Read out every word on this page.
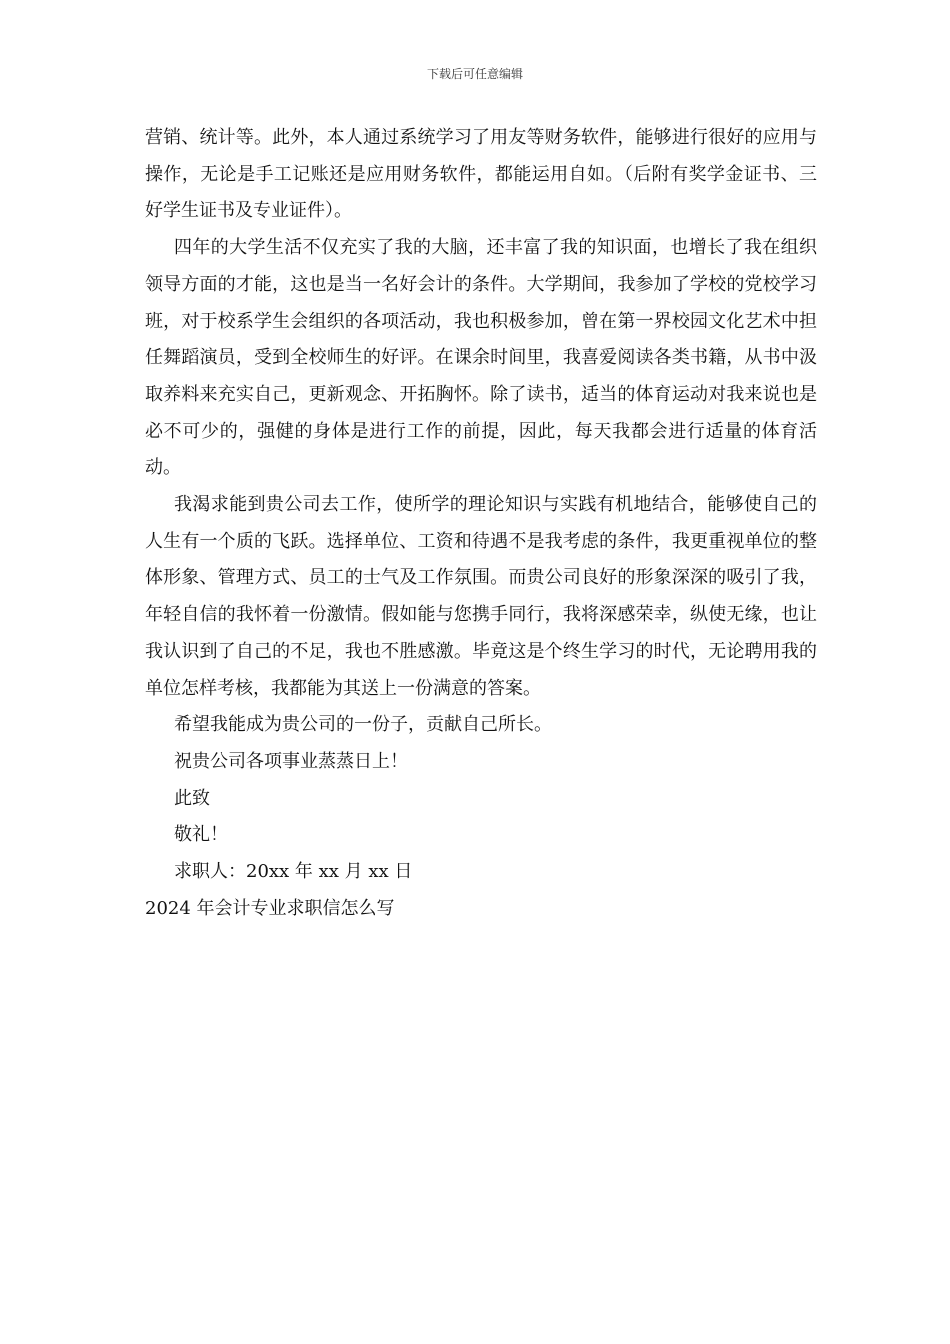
下载后可任意编辑

营销、统计等。此外，本人通过系统学习了用友等财务软件，能够进行很好的应用与操作，无论是手工记账还是应用财务软件，都能运用自如。（后附有奖学金证书、三好学生证书及专业证件）。

四年的大学生活不仅充实了我的大脑，还丰富了我的知识面，也增长了我在组织领导方面的才能，这也是当一名好会计的条件。大学期间，我参加了学校的党校学习班，对于校系学生会组织的各项活动，我也积极参加，曾在第一界校园文化艺术中担任舞蹈演员，受到全校师生的好评。在课余时间里，我喜爱阅读各类书籍，从书中汲取养料来充实自己，更新观念、开拓胸怀。除了读书，适当的体育运动对我来说也是必不可少的，强健的身体是进行工作的前提，因此，每天我都会进行适量的体育活动。

我渴求能到贵公司去工作，使所学的理论知识与实践有机地结合，能够使自己的人生有一个质的飞跃。选择单位、工资和待遇不是我考虑的条件，我更重视单位的整体形象、管理方式、员工的士气及工作氛围。而贵公司良好的形象深深的吸引了我，年轻自信的我怀着一份激情。假如能与您携手同行，我将深感荣幸，纵使无缘，也让我认识到了自己的不足，我也不胜感激。毕竟这是个终生学习的时代，无论聘用我的单位怎样考核，我都能为其送上一份满意的答案。

希望我能成为贵公司的一份子，贡献自己所长。

祝贵公司各项事业蒸蒸日上！

此致

敬礼！

求职人：20xx 年 xx 月 xx 日

2024 年会计专业求职信怎么写
